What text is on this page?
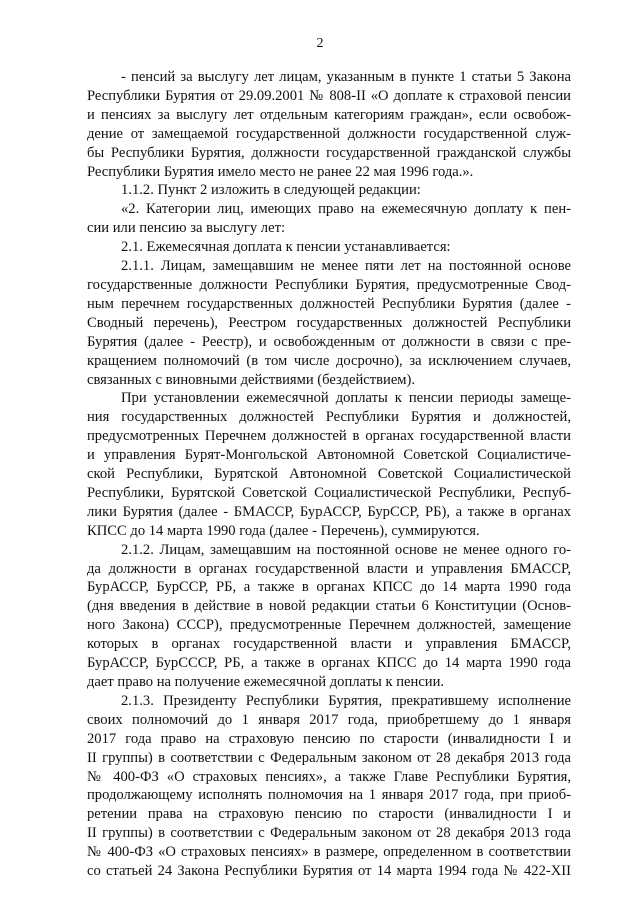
2
- пенсий за выслугу лет лицам, указанным в пункте 1 статьи 5 Закона
Республики Бурятия от 29.09.2001 № 808-II «О доплате к страховой пенсии
и пенсиях за выслугу лет отдельным категориям граждан», если освобож-
дение от замещаемой государственной должности государственной служ-
бы Республики Бурятия, должности государственной гражданской службы
Республики Бурятия имело место не ранее 22 мая 1996 года.».
1.1.2. Пункт 2 изложить в следующей редакции:
«2. Категории лиц, имеющих право на ежемесячную доплату к пен-
сии или пенсию за выслугу лет:
2.1. Ежемесячная доплата к пенсии устанавливается:
2.1.1. Лицам, замещавшим не менее пяти лет на постоянной основе
государственные должности Республики Бурятия, предусмотренные Свод-
ным перечнем государственных должностей Республики Бурятия (далее -
Сводный перечень), Реестром государственных должностей Республики
Бурятия (далее - Реестр), и освобожденным от должности в связи с пре-
кращением полномочий (в том числе досрочно), за исключением случаев,
связанных с виновными действиями (бездействием).
При установлении ежемесячной доплаты к пенсии периоды замеще-
ния государственных должностей Республики Бурятия и должностей,
предусмотренных Перечнем должностей в органах государственной власти
и управления Бурят-Монгольской Автономной Советской Социалистиче-
ской Республики, Бурятской Автономной Советской Социалистической
Республики, Бурятской Советской Социалистической Республики, Респуб-
лики Бурятия (далее - БМАССР, БурАССР, БурССР, РБ), а также в органах
КПСС до 14 марта 1990 года (далее - Перечень), суммируются.
2.1.2. Лицам, замещавшим на постоянной основе не менее одного го-
да должности в органах государственной власти и управления БМАССР,
БурАССР, БурССР, РБ, а также в органах КПСС до 14 марта 1990 года
(дня введения в действие в новой редакции статьи 6 Конституции (Основ-
ного Закона) СССР), предусмотренные Перечнем должностей, замещение
которых в органах государственной власти и управления БМАССР,
БурАССР, БурСССР, РБ, а также в органах КПСС до 14 марта 1990 года
дает право на получение ежемесячной доплаты к пенсии.
2.1.3. Президенту Республики Бурятия, прекратившему исполнение
своих полномочий до 1 января 2017 года, приобретшему до 1 января
2017 года право на страховую пенсию по старости (инвалидности I и
II группы) в соответствии с Федеральным законом от 28 декабря 2013 года
№ 400-ФЗ «О страховых пенсиях», а также Главе Республики Бурятия,
продолжающему исполнять полномочия на 1 января 2017 года, при приоб-
ретении права на страховую пенсию по старости (инвалидности I и
II группы) в соответствии с Федеральным законом от 28 декабря 2013 года
№ 400-ФЗ «О страховых пенсиях» в размере, определенном в соответствии
со статьей 24 Закона Республики Бурятия от 14 марта 1994 года № 422-XII
